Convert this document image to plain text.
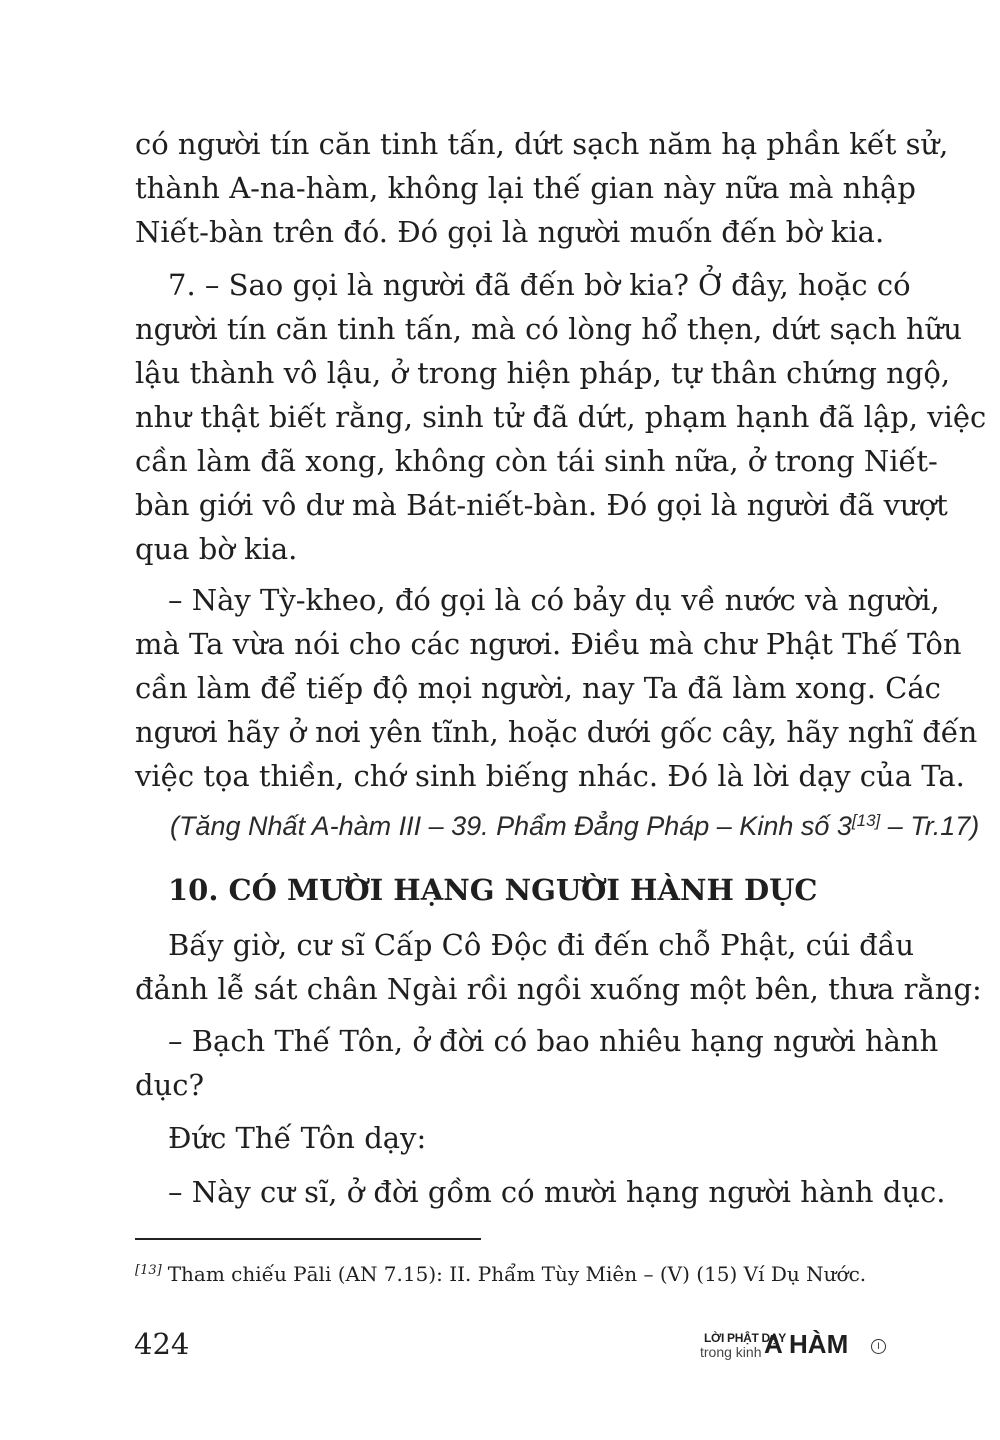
có người tín căn tinh tấn, dứt sạch năm hạ phần kết sử,
thành A-na-hàm, không lại thế gian này nữa mà nhập
Niết-bàn trên đó. Đó gọi là người muốn đến bờ kia.
7. – Sao gọi là người đã đến bờ kia? Ở đây, hoặc có
người tín căn tinh tấn, mà có lòng hổ thẹn, dứt sạch hữu
lậu thành vô lậu, ở trong hiện pháp, tự thân chứng ngộ,
như thật biết rằng, sinh tử đã dứt, phạm hạnh đã lập, việc
cần làm đã xong, không còn tái sinh nữa, ở trong Niết-
bàn giới vô dư mà Bát-niết-bàn. Đó gọi là người đã vượt
qua bờ kia.
– Này Tỳ-kheo, đó gọi là có bảy dụ về nước và người,
mà Ta vừa nói cho các ngươi. Điều mà chư Phật Thế Tôn
cần làm để tiếp độ mọi người, nay Ta đã làm xong. Các
ngươi hãy ở nơi yên tĩnh, hoặc dưới gốc cây, hãy nghĩ đến
việc tọa thiền, chớ sinh biếng nhác. Đó là lời dạy của Ta.
(Tăng Nhất A-hàm III – 39. Phẩm Đẳng Pháp – Kinh số 3[13] – Tr.17)
10. CÓ MƯỜI HẠNG NGƯỜI HÀNH DỤC
Bấy giờ, cư sĩ Cấp Cô Độc đi đến chỗ Phật, cúi đầu
đảnh lễ sát chân Ngài rồi ngồi xuống một bên, thưa rằng:
– Bạch Thế Tôn, ở đời có bao nhiêu hạng người hành
dục?
Đức Thế Tôn dạy:
– Này cư sĩ, ở đời gồm có mười hạng người hành dục.
[13] Tham chiếu Pāli (AN 7.15): II. Phẩm Tùy Miên – (V) (15) Ví Dụ Nước.
424	LỜI PHẬT DẠY
trong kinh A HÀM	I
